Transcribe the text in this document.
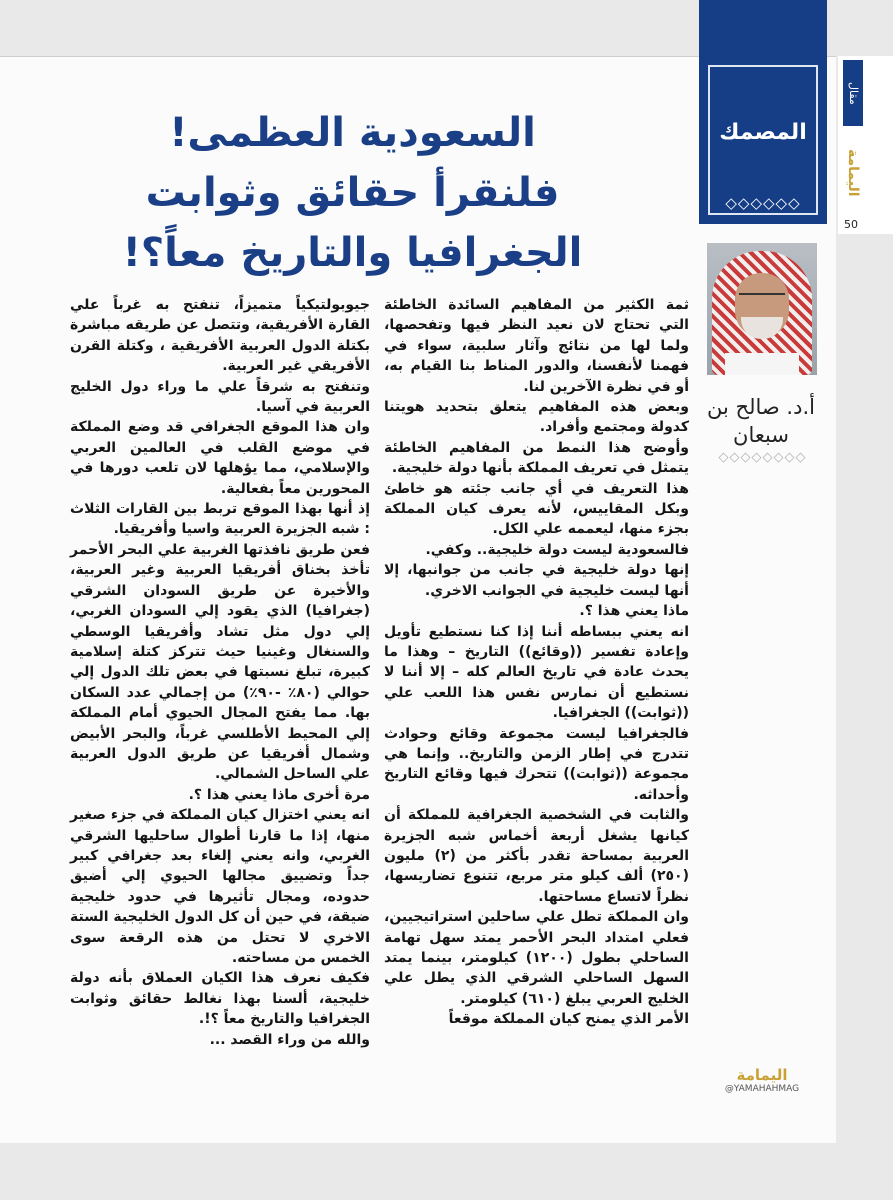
المصمك
◇◇◇◇◇◇
مقال
اليمامة
50
السعودية العظمى!
فلنقرأ حقائق وثوابت
الجغرافيا والتاريخ معاً؟!
أ.د. صالح بن سبعان
◇◇◇◇◇◇◇◇

ثمة الكثير من المفاهيم السائدة الخاطئة التي تحتاج لان نعيد النظر فيها وتفحصها، ولما لها من نتائج وآثار سلبية، سواء في فهمنا لأنفسنا، والدور المناط بنا القيام به، أو في نظرة الآخرين لنا.

وبعض هذه المفاهيم يتعلق بتحديد هويتنا كدولة ومجتمع وأفراد.

وأوضح هذا النمط من المفاهيم الخاطئة يتمثل في تعريف المملكة بأنها دولة خليجية.

هذا التعريف في أي جانب جئته هو خاطئ وبكل المقاييس، لأنه يعرف كيان المملكة بجزء منها، ليعممه علي الكل.

فالسعودية ليست دولة خليجية.. وكفي.

إنها دولة خليجية في جانب من جوانبها، إلا أنها ليست خليجية في الجوانب الاخري.

ماذا يعني هذا ؟.

انه يعني ببساطه أننا إذا كنا نستطيع تأويل وإعادة تفسير ((وقائع)) التاريخ – وهذا ما يحدث عادة في تاريخ العالم كله – إلا أننا لا نستطيع أن نمارس نفس هذا اللعب علي ((ثوابت)) الجغرافيا.

فالجغرافيا ليست مجموعة وقائع وحوادث تتدرج في إطار الزمن والتاريخ.. وإنما هي مجموعة ((ثوابت)) تتحرك فيها وقائع التاريخ وأحداثه.

والثابت في الشخصية الجغرافية للمملكة أن كيانها يشغل أربعة أخماس شبه الجزيرة العربية بمساحة تقدر بأكثر من (٢) مليون (٢٥٠) ألف كيلو متر مربع، تتنوع تضاريسها، نظراً لاتساع مساحتها.

وان المملكة تطل علي ساحلين استراتيجيين، فعلي امتداد البحر الأحمر يمتد سهل تهامة الساحلي بطول (١٢٠٠) كيلومتر، بينما يمتد السهل الساحلي الشرقي الذي يطل علي الخليج العربي يبلغ (٦١٠) كيلومتر.

الأمر الذي يمنح كيان المملكة موقعاً

جيوبولتيكياً متميزاً، تنفتح به غرباً علي القارة الأفريقية، وتتصل عن طريقه مباشرة بكتلة الدول العربية الأفريقية ، وكتلة القرن الأفريقي غير العربية.

وتنفتح به شرقاً علي ما وراء دول الخليج العربية في آسيا.

وان هذا الموقع الجغرافي قد وضع المملكة في موضع القلب في العالمين العربي والإسلامي، مما يؤهلها لان تلعب دورها في المحورين معاً بفعالية.

إذ أنها بهذا الموقع تربط بين القارات الثلاث : شبه الجزيرة العربية واسيا وأفريقيا.

فعن طريق نافذتها الغربية علي البحر الأحمر تأخذ بخناق أفريقيا العربية وغير العربية، والأخيرة عن طريق السودان الشرقي (جغرافيا) الذي يقود إلي السودان الغربي، إلي دول مثل تشاد وأفريقيا الوسطي والسنغال وغينيا حيث تتركز كتلة إسلامية كبيرة، تبلغ نسبتها في بعض تلك الدول إلي حوالي (٨٠٪ -٩٠٪) من إجمالي عدد السكان بها. مما يفتح المجال الحيوي أمام المملكة إلي المحيط الأطلسي غرباً، والبحر الأبيض وشمال أفريقيا عن طريق الدول العربية علي الساحل الشمالي.

مرة أخرى ماذا يعني هذا ؟.

انه يعني اختزال كيان المملكة في جزء صغير منها، إذا ما قارنا أطوال ساحليها الشرقي الغربي، وانه يعني إلغاء بعد جغرافي كبير جداً وتضييق مجالها الحيوي إلي أضيق حدوده، ومجال تأثيرها في حدود خليجية ضيقة، في حين أن كل الدول الخليجية الستة الاخري لا تحتل من هذه الرقعة سوى الخمس من مساحته.

فكيف نعرف هذا الكيان العملاق بأنه دولة خليجية، ألسنا بهذا نغالط حقائق وثوابت الجغرافيا والتاريخ معاً ؟!.

والله من وراء القصد ...

اليمامة
@YAMAHAHMAG
